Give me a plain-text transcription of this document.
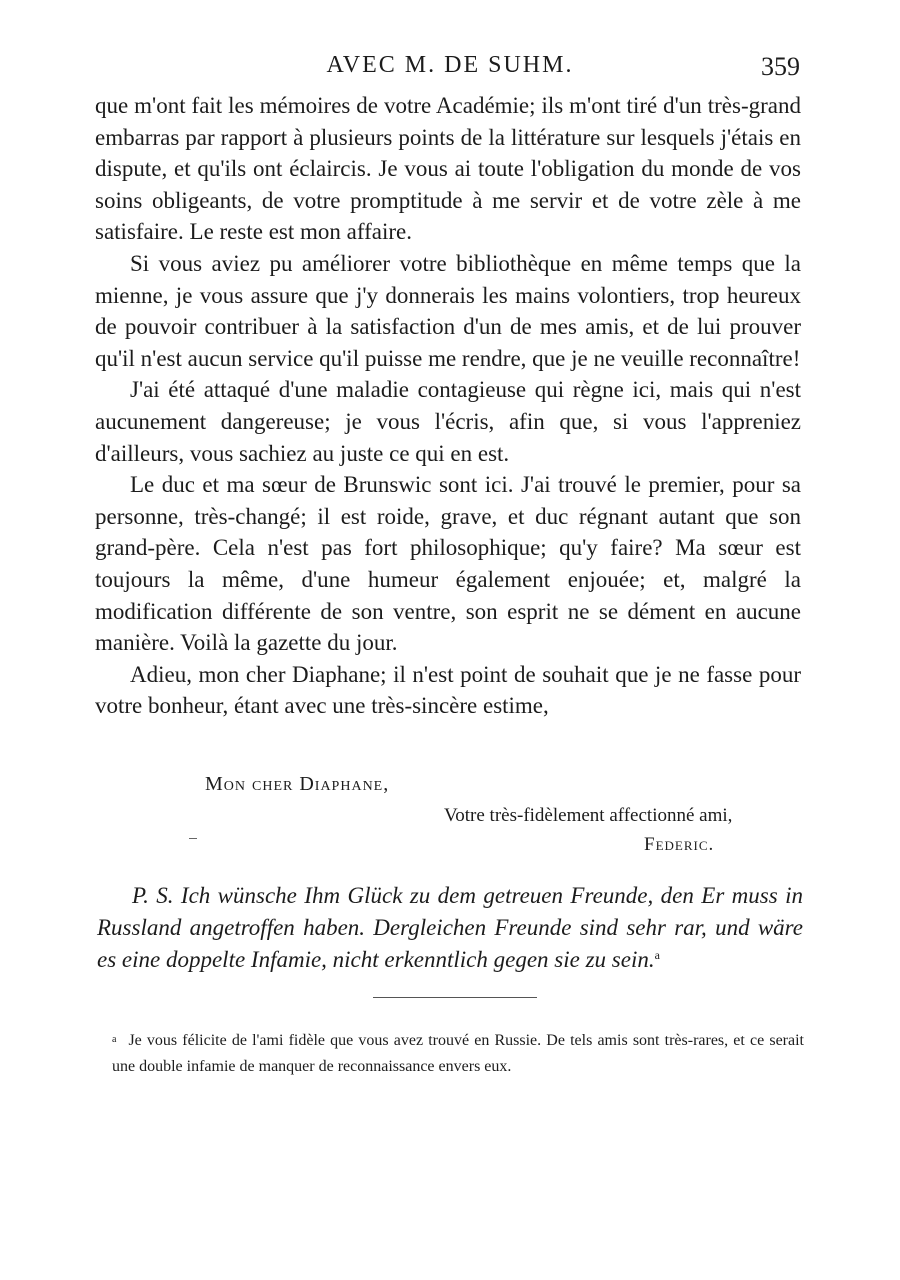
AVEC M. DE SUHM.	359

que m'ont fait les mémoires de votre Académie; ils m'ont tiré d'un très-grand embarras par rapport à plusieurs points de la littérature sur lesquels j'étais en dispute, et qu'ils ont éclaircis. Je vous ai toute l'obligation du monde de vos soins obligeants, de votre promptitude à me servir et de votre zèle à me satisfaire. Le reste est mon affaire.

Si vous aviez pu améliorer votre bibliothèque en même temps que la mienne, je vous assure que j'y donnerais les mains volontiers, trop heureux de pouvoir contribuer à la satisfaction d'un de mes amis, et de lui prouver qu'il n'est aucun service qu'il puisse me rendre, que je ne veuille reconnaître!

J'ai été attaqué d'une maladie contagieuse qui règne ici, mais qui n'est aucunement dangereuse; je vous l'écris, afin que, si vous l'appreniez d'ailleurs, vous sachiez au juste ce qui en est.

Le duc et ma sœur de Brunswic sont ici. J'ai trouvé le premier, pour sa personne, très-changé; il est roide, grave, et duc régnant autant que son grand-père. Cela n'est pas fort philosophique; qu'y faire? Ma sœur est toujours la même, d'une humeur également enjouée; et, malgré la modification différente de son ventre, son esprit ne se dément en aucune manière. Voilà la gazette du jour.

Adieu, mon cher Diaphane; il n'est point de souhait que je ne fasse pour votre bonheur, étant avec une très-sincère estime,

Mon cher Diaphane,
Votre très-fidèlement affectionné ami,
Federic.
P. S. Ich wünsche Ihm Glück zu dem getreuen Freunde, den Er muss in Russland angetroffen haben. Dergleichen Freunde sind sehr rar, und wäre es eine doppelte Infamie, nicht erkenntlich gegen sie zu sein.$^a$
$^a$ Je vous félicite de l'ami fidèle que vous avez trouvé en Russie. De tels amis sont très-rares, et ce serait une double infamie de manquer de reconnaissance envers eux.
